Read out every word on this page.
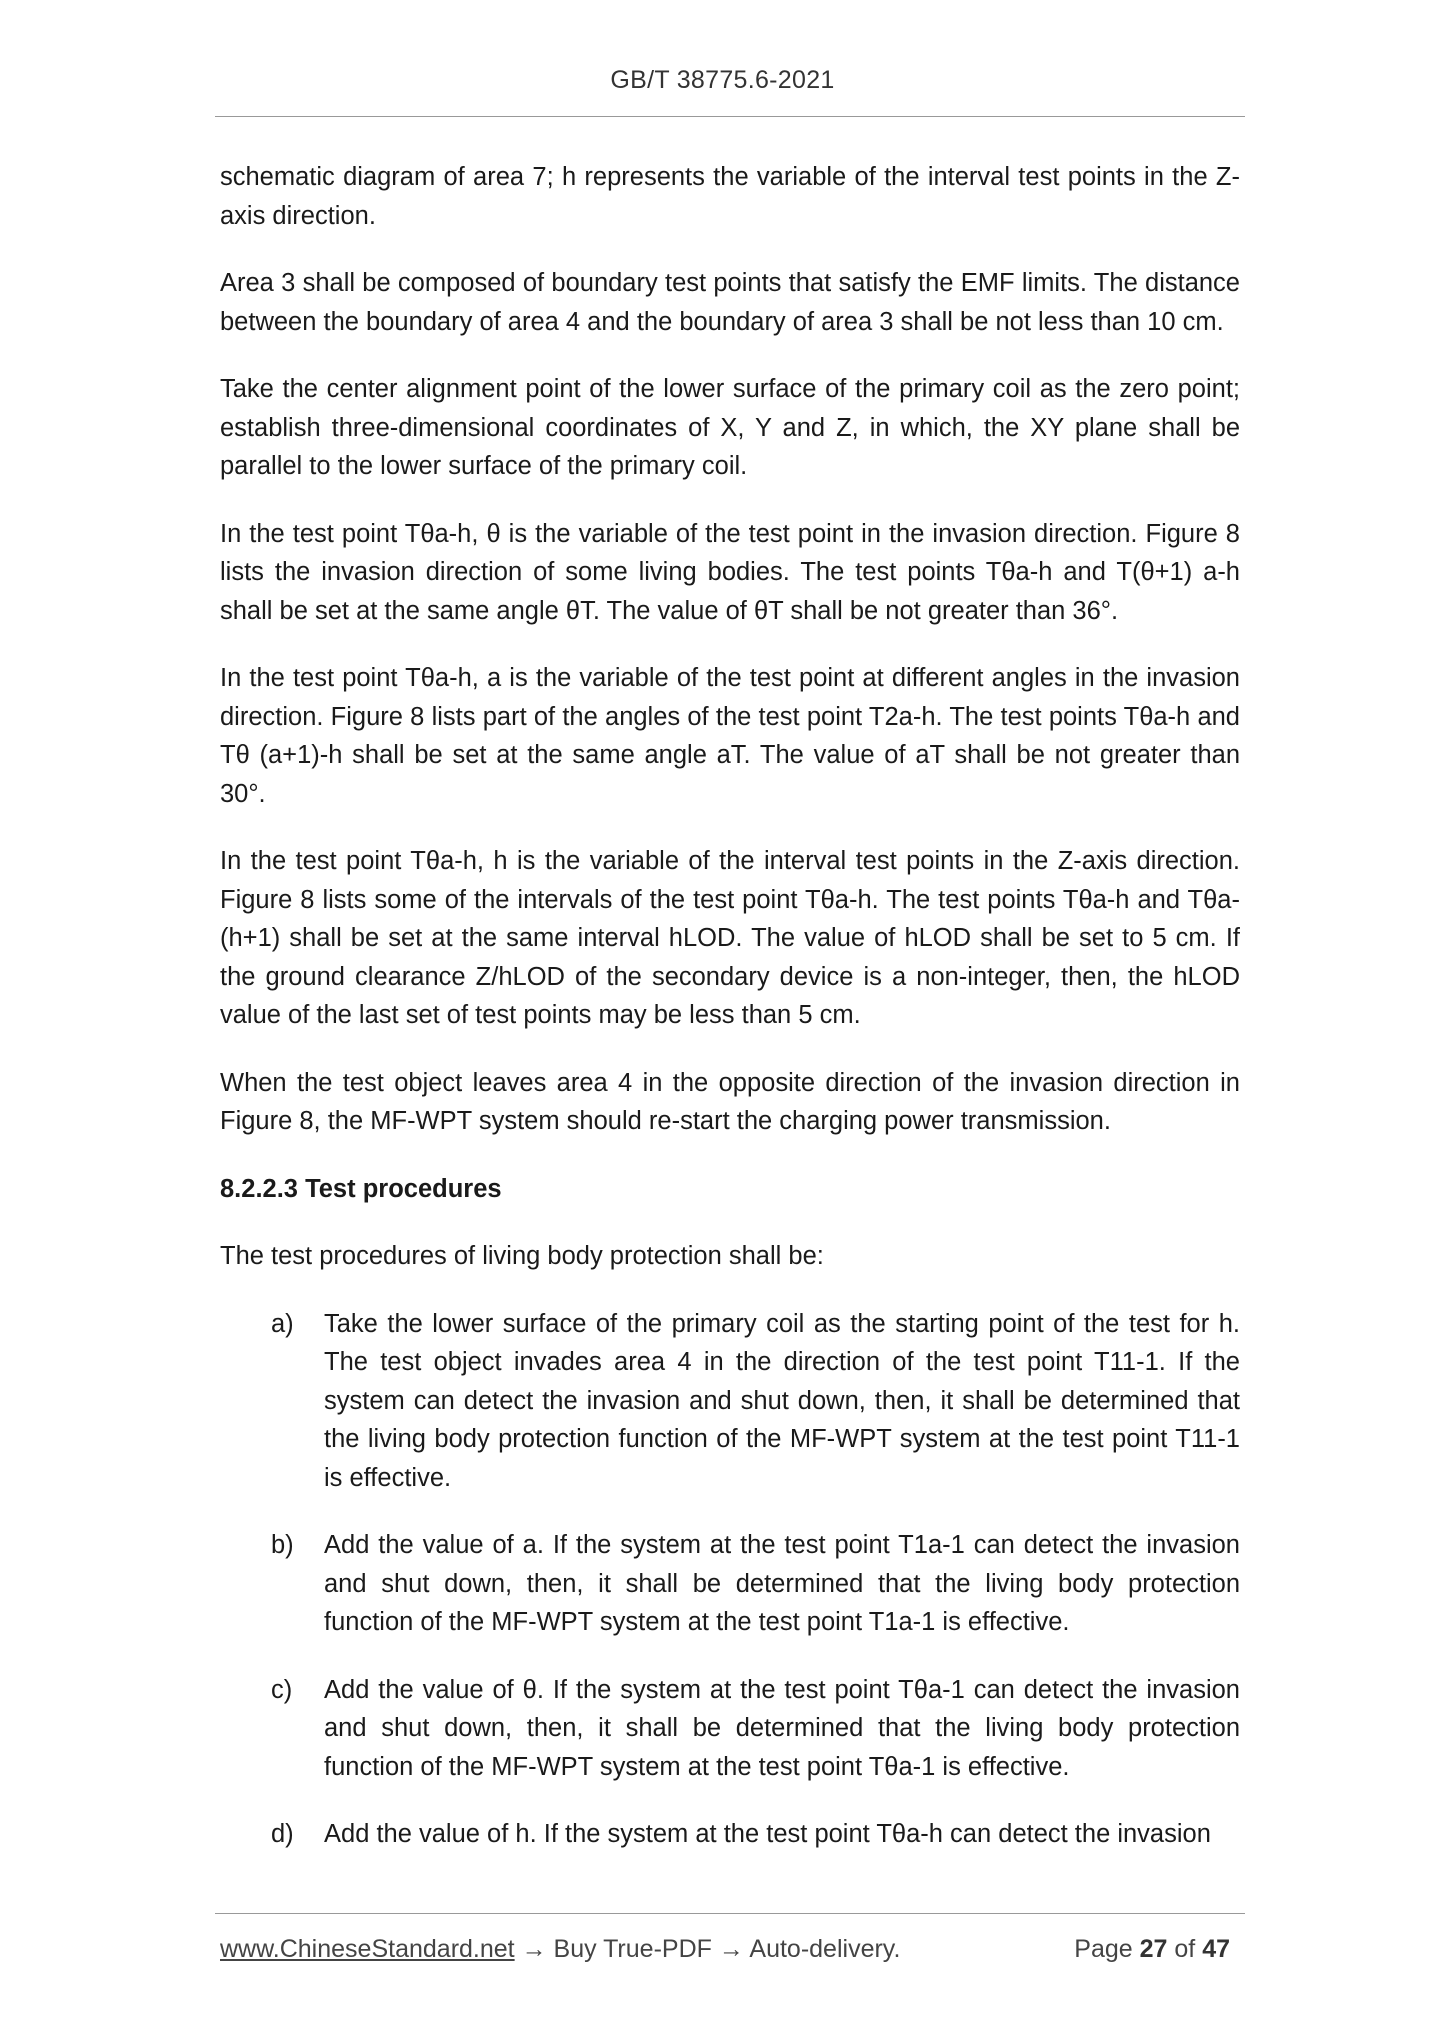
GB/T 38775.6-2021

schematic diagram of area 7; h represents the variable of the interval test points in the Z-axis direction.

Area 3 shall be composed of boundary test points that satisfy the EMF limits. The distance between the boundary of area 4 and the boundary of area 3 shall be not less than 10 cm.

Take the center alignment point of the lower surface of the primary coil as the zero point; establish three-dimensional coordinates of X, Y and Z, in which, the XY plane shall be parallel to the lower surface of the primary coil.

In the test point Tθa-h, θ is the variable of the test point in the invasion direction. Figure 8 lists the invasion direction of some living bodies. The test points Tθa-h and T(θ+1) a-h shall be set at the same angle θT. The value of θT shall be not greater than 36°.

In the test point Tθa-h, a is the variable of the test point at different angles in the invasion direction. Figure 8 lists part of the angles of the test point T2a-h. The test points Tθa-h and Tθ (a+1)-h shall be set at the same angle aT. The value of aT shall be not greater than 30°.

In the test point Tθa-h, h is the variable of the interval test points in the Z-axis direction. Figure 8 lists some of the intervals of the test point Tθa-h. The test points Tθa-h and Tθa-(h+1) shall be set at the same interval hLOD. The value of hLOD shall be set to 5 cm. If the ground clearance Z/hLOD of the secondary device is a non-integer, then, the hLOD value of the last set of test points may be less than 5 cm.

When the test object leaves area 4 in the opposite direction of the invasion direction in Figure 8, the MF-WPT system should re-start the charging power transmission.

8.2.2.3 Test procedures

The test procedures of living body protection shall be:

a)	Take the lower surface of the primary coil as the starting point of the test for h. The test object invades area 4 in the direction of the test point T11-1. If the system can detect the invasion and shut down, then, it shall be determined that the living body protection function of the MF-WPT system at the test point T11-1 is effective.
b)	Add the value of a. If the system at the test point T1a-1 can detect the invasion and shut down, then, it shall be determined that the living body protection function of the MF-WPT system at the test point T1a-1 is effective.
c)	Add the value of θ. If the system at the test point Tθa-1 can detect the invasion and shut down, then, it shall be determined that the living body protection function of the MF-WPT system at the test point Tθa-1 is effective.
d)	Add the value of h. If the system at the test point Tθa-h can detect the invasion
www.ChineseStandard.net → Buy True-PDF → Auto-delivery.	Page 27 of 47
